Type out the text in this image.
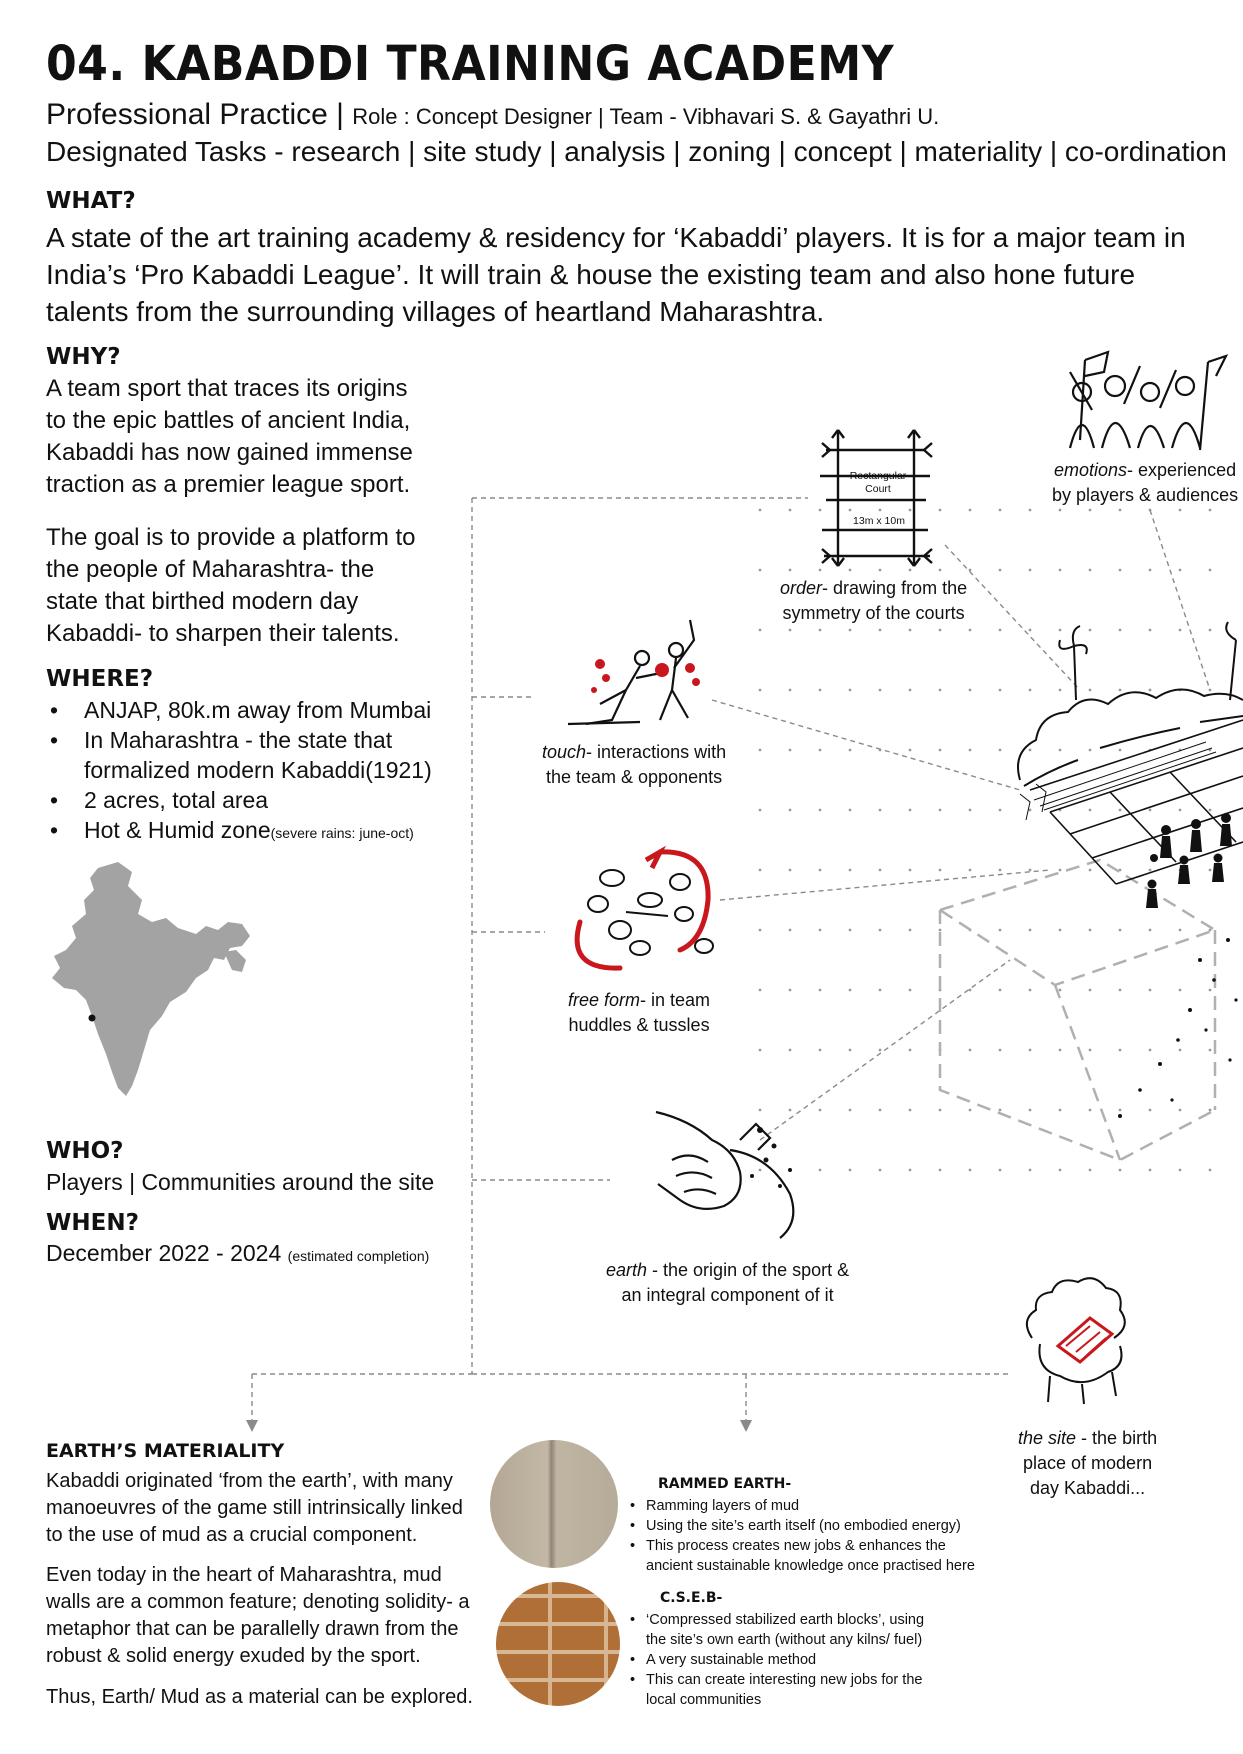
04. KABADDI TRAINING ACADEMY
Professional Practice | Role : Concept Designer | Team - Vibhavari S. & Gayathri U.
Designated Tasks - research | site study | analysis | zoning | concept | materiality | co-ordination
WHAT?
A state of the art training academy & residency for ‘Kabaddi’ players. It is for a major team in India’s ‘Pro Kabaddi League’. It will train & house the existing team and also hone future talents from the surrounding villages of heartland Maharashtra.
WHY?
A team sport that traces its origins to the epic battles of ancient India, Kabaddi has now gained immense traction as a premier league sport.
The goal is to provide a platform to the people of Maharashtra- the state that birthed modern day Kabaddi- to sharpen their talents.
WHERE?
• ANJAP, 80k.m away from Mumbai
• In Maharashtra - the state that formalized modern Kabaddi(1921)
• 2 acres, total area
• Hot & Humid zone(severe rains: june-oct)
WHO?
Players | Communities around the site
WHEN?
December 2022 - 2024 (estimated completion)
Rectangular
Court
13m x 10m
emotions- experienced
by players & audiences
order- drawing from the
symmetry of the courts
touch- interactions with
the team & opponents
free form- in team
huddles & tussles
earth - the origin of the sport &
an integral component of it
the site - the birth
place of modern
day Kabaddi...
EARTH’S MATERIALITY
Kabaddi originated ‘from the earth’, with many manoeuvres of the game still intrinsically linked to the use of mud as a crucial component.
Even today in the heart of Maharashtra, mud walls are a common feature; denoting solidity- a metaphor that can be parallelly drawn from the robust & solid energy exuded by the sport.
Thus, Earth/ Mud as a material can be explored.
RAMMED EARTH-
• Ramming layers of mud
• Using the site’s earth itself (no embodied energy)
• This process creates new jobs & enhances the ancient sustainable knowledge once practised here
C.S.E.B-
• ‘Compressed stabilized earth blocks’, using the site’s own earth (without any kilns/ fuel)
• A very sustainable method
• This can create interesting new jobs for the local communities
